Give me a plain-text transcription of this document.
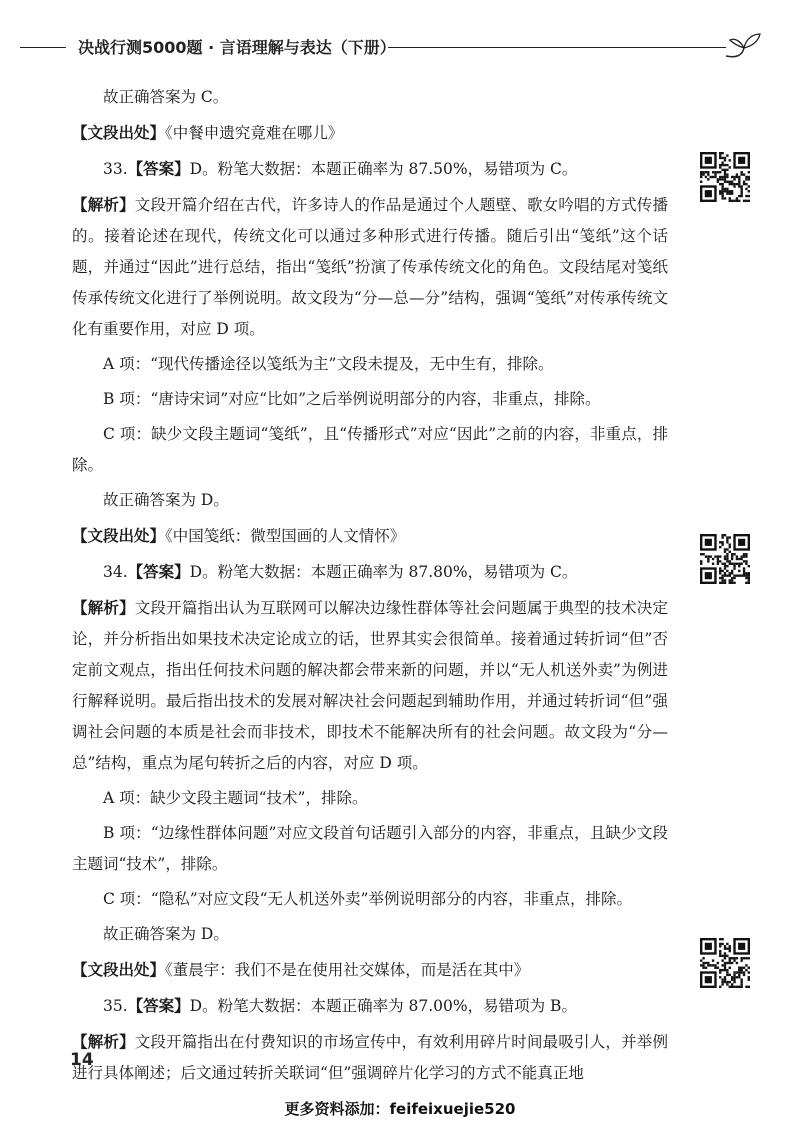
决战行测5000题 · 言语理解与表达（下册）

故正确答案为 C。

【文段出处】《中餐申遗究竟难在哪儿》

33.【答案】D。粉笔大数据：本题正确率为 87.50%，易错项为 C。

【解析】文段开篇介绍在古代，许多诗人的作品是通过个人题壁、歌女吟唱的方式传播的。接着论述在现代，传统文化可以通过多种形式进行传播。随后引出“笺纸”这个话题，并通过“因此”进行总结，指出“笺纸”扮演了传承传统文化的角色。文段结尾对笺纸传承传统文化进行了举例说明。故文段为“分—总—分”结构，强调“笺纸”对传承传统文化有重要作用，对应 D 项。

A 项：“现代传播途径以笺纸为主”文段未提及，无中生有，排除。

B 项：“唐诗宋词”对应“比如”之后举例说明部分的内容，非重点，排除。

C 项：缺少文段主题词“笺纸”，且“传播形式”对应“因此”之前的内容，非重点，排除。

故正确答案为 D。

【文段出处】《中国笺纸：微型国画的人文情怀》

34.【答案】D。粉笔大数据：本题正确率为 87.80%，易错项为 C。

【解析】文段开篇指出认为互联网可以解决边缘性群体等社会问题属于典型的技术决定论，并分析指出如果技术决定论成立的话，世界其实会很简单。接着通过转折词“但”否定前文观点，指出任何技术问题的解决都会带来新的问题，并以“无人机送外卖”为例进行解释说明。最后指出技术的发展对解决社会问题起到辅助作用，并通过转折词“但”强调社会问题的本质是社会而非技术，即技术不能解决所有的社会问题。故文段为“分—总”结构，重点为尾句转折之后的内容，对应 D 项。

A 项：缺少文段主题词“技术”，排除。

B 项：“边缘性群体问题”对应文段首句话题引入部分的内容，非重点，且缺少文段主题词“技术”，排除。

C 项：“隐私”对应文段“无人机送外卖”举例说明部分的内容，非重点，排除。

故正确答案为 D。

【文段出处】《董晨宇：我们不是在使用社交媒体，而是活在其中》

35.【答案】D。粉笔大数据：本题正确率为 87.00%，易错项为 B。

【解析】文段开篇指出在付费知识的市场宣传中，有效利用碎片时间最吸引人，并举例进行具体阐述；后文通过转折关联词“但”强调碎片化学习的方式不能真正地

14
更多资料添加：feifeixuejie520
